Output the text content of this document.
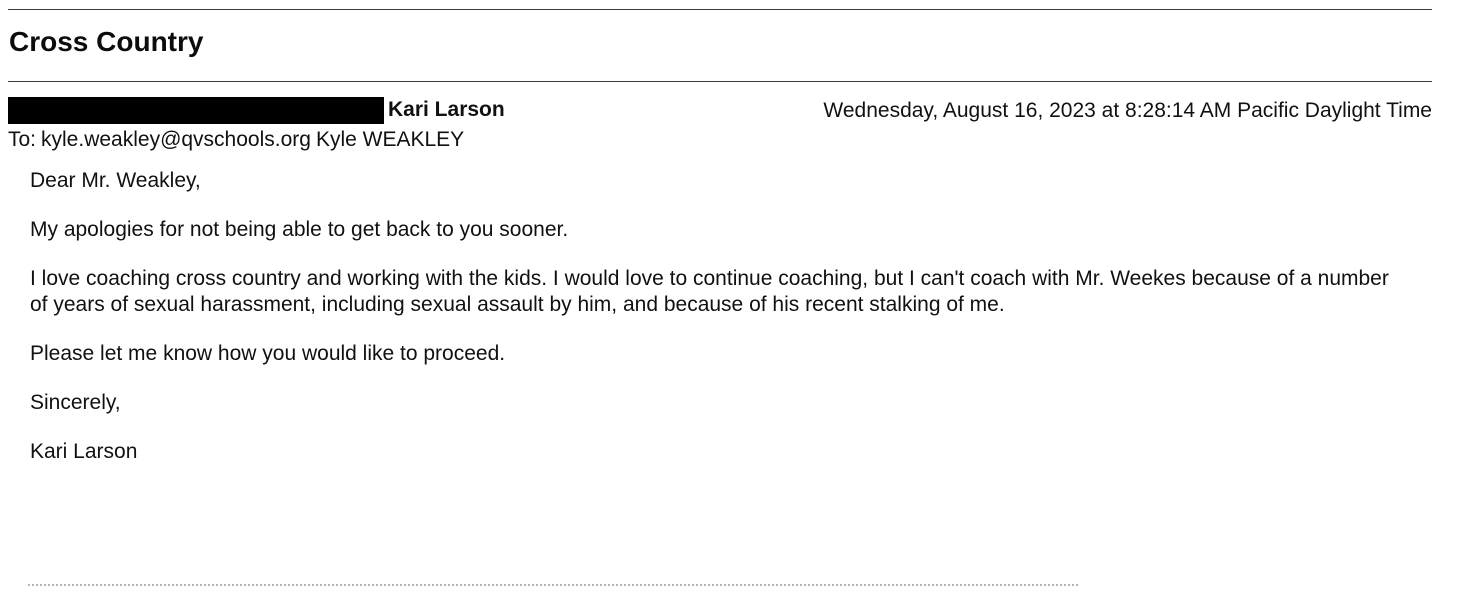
Cross Country
Kari Larson	Wednesday, August 16, 2023 at 8:28:14 AM Pacific Daylight Time
To: kyle.weakley@qvschools.org Kyle WEAKLEY

Dear Mr. Weakley,

My apologies for not being able to get back to you sooner.

I love coaching cross country and working with the kids. I would love to continue coaching, but I can't coach with Mr. Weekes because of a number of years of sexual harassment, including sexual assault by him, and because of his recent stalking of me.

Please let me know how you would like to proceed.

Sincerely,

Kari Larson
